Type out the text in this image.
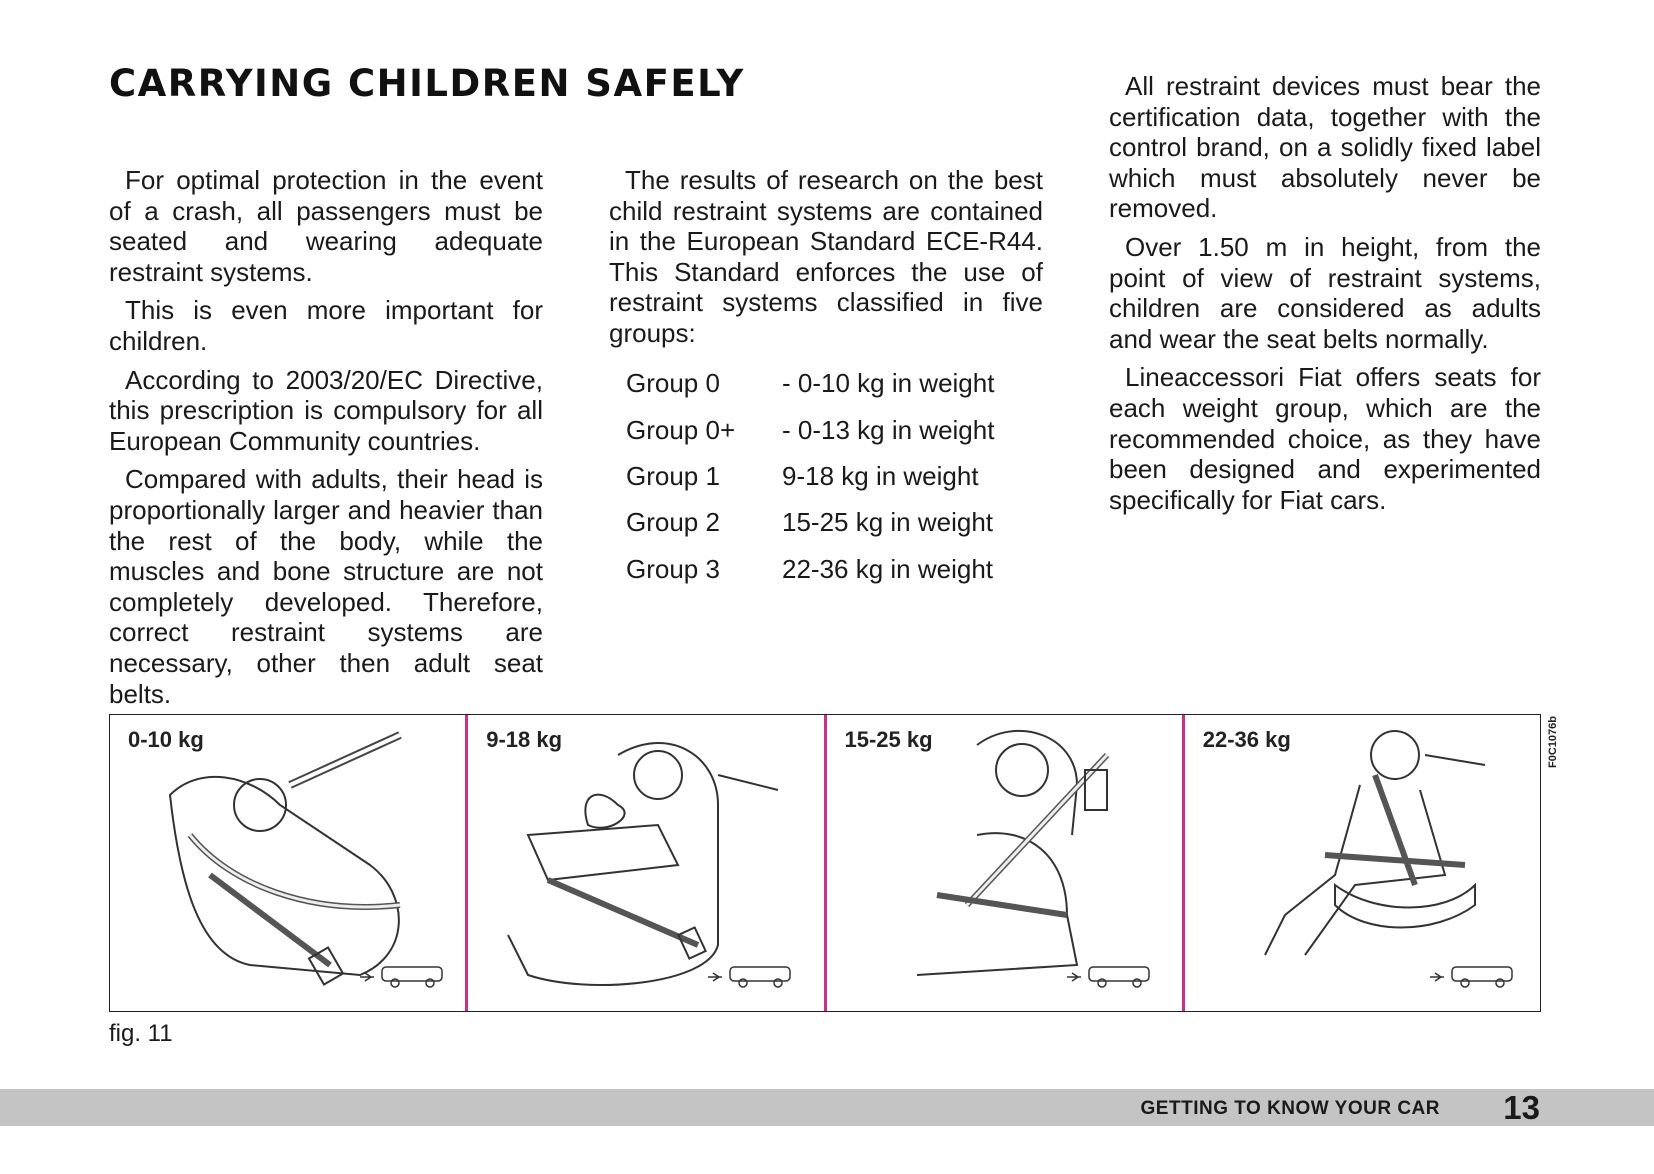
CARRYING CHILDREN SAFELY

For optimal protection in the event of a crash, all passengers must be seated and wearing adequate restraint systems.

This is even more important for children.

According to 2003/20/EC Directive, this prescription is compulsory for all European Community countries.

Compared with adults, their head is proportionally larger and heavier than the rest of the body, while the muscles and bone structure are not completely developed. Therefore, correct restraint systems are necessary, other then adult seat belts.

The results of research on the best child restraint systems are contained in the European Standard ECE-R44. This Standard enforces the use of restraint systems classified in five groups:

Group 0	- 0-10 kg in weight
Group 0+	- 0-13 kg in weight
Group 1	9-18 kg in weight
Group 2	15-25 kg in weight
Group 3	22-36 kg in weight

All restraint devices must bear the certification data, together with the control brand, on a solidly fixed label which must absolutely never be removed.

Over 1.50 m in height, from the point of view of restraint systems, children are considered as adults and wear the seat belts normally.

Lineaccessori Fiat offers seats for each weight group, which are the recommended choice, as they have been designed and experimented specifically for Fiat cars.

0-10 kg	9-18 kg	15-25 kg	22-36 kg	F0C1076b
fig. 11
GETTING TO KNOW YOUR CAR 13
